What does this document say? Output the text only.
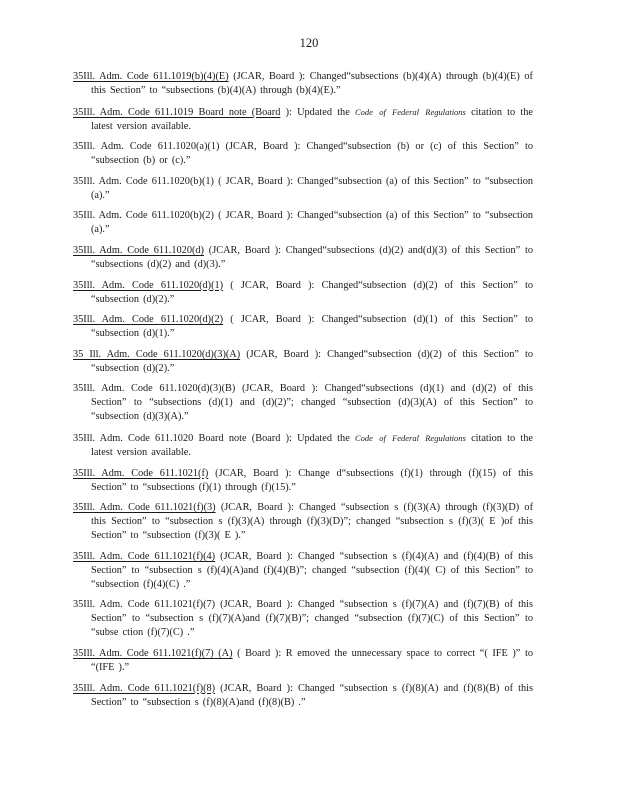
120

35Ill. Adm. Code 611.1019(b)(4)(E) (JCAR, Board ): Changed“subsections (b)(4)(A) through (b)(4)(E) of this Section” to “subsections (b)(4)(A) through (b)(4)(E).”

35Ill. Adm. Code 611.1019 Board note (Board ): Updated the Code of Federal Regulations citation to the latest version available.

35Ill. Adm. Code 611.1020(a)(1) (JCAR, Board ): Changed“subsection (b) or (c) of this Section” to “subsection (b) or (c).”

35Ill. Adm. Code 611.1020(b)(1) ( JCAR, Board ): Changed“subsection (a) of this Section” to “subsection (a).”

35Ill. Adm. Code 611.1020(b)(2) ( JCAR, Board ): Changed“subsection (a) of this Section” to “subsection (a).”

35Ill. Adm. Code 611.1020(d) (JCAR, Board ): Changed“subsections (d)(2) and(d)(3) of this Section” to “subsections (d)(2) and (d)(3).”

35Ill. Adm. Code 611.1020(d)(1) ( JCAR, Board ): Changed“subsection (d)(2) of this Section” to “subsection (d)(2).”

35Ill. Adm. Code 611.1020(d)(2) ( JCAR, Board ): Changed“subsection (d)(1) of this Section” to “subsection (d)(1).”

35 Ill. Adm. Code 611.1020(d)(3)(A) (JCAR, Board ): Changed“subsection (d)(2) of this Section” to “subsection (d)(2).”

35Ill. Adm. Code 611.1020(d)(3)(B) (JCAR, Board ): Changed“subsections (d)(1) and (d)(2) of this Section” to “subsections (d)(1) and (d)(2)”; changed “subsection (d)(3)(A) of this Section” to “subsection (d)(3)(A).”

35Ill. Adm. Code 611.1020 Board note (Board ): Updated the Code of Federal Regulations citation to the latest version available.

35Ill. Adm. Code 611.1021(f) (JCAR, Board ): Change d“subsections (f)(1) through (f)(15) of this Section” to “subsections (f)(1) through (f)(15).”

35Ill. Adm. Code 611.1021(f)(3) (JCAR, Board ): Changed “subsection s (f)(3)(A) through (f)(3)(D) of this Section” to “subsection s (f)(3)(A) through (f)(3)(D)”; changed “subsection s (f)(3)( E )of this Section” to “subsection (f)(3)( E ).”

35Ill. Adm. Code 611.1021(f)(4) (JCAR, Board ): Changed “subsection s (f)(4)(A) and (f)(4)(B) of this Section” to “subsection s (f)(4)(A)and (f)(4)(B)”; changed “subsection (f)(4)( C) of this Section” to “subsection (f)(4)(C) .”

35Ill. Adm. Code 611.1021(f)(7) (JCAR, Board ): Changed “subsection s (f)(7)(A) and (f)(7)(B) of this Section” to “subsection s (f)(7)(A)and (f)(7)(B)”; changed “subsection (f)(7)(C) of this Section” to “subse ction (f)(7)(C) .”

35Ill. Adm. Code 611.1021(f)(7) (A) ( Board ): R emoved the unnecessary space to correct “( IFE )” to “(IFE ).”

35Ill. Adm. Code 611.1021(f)(8) (JCAR, Board ): Changed “subsection s (f)(8)(A) and (f)(8)(B) of this Section” to “subsection s (f)(8)(A)and (f)(8)(B) .”
